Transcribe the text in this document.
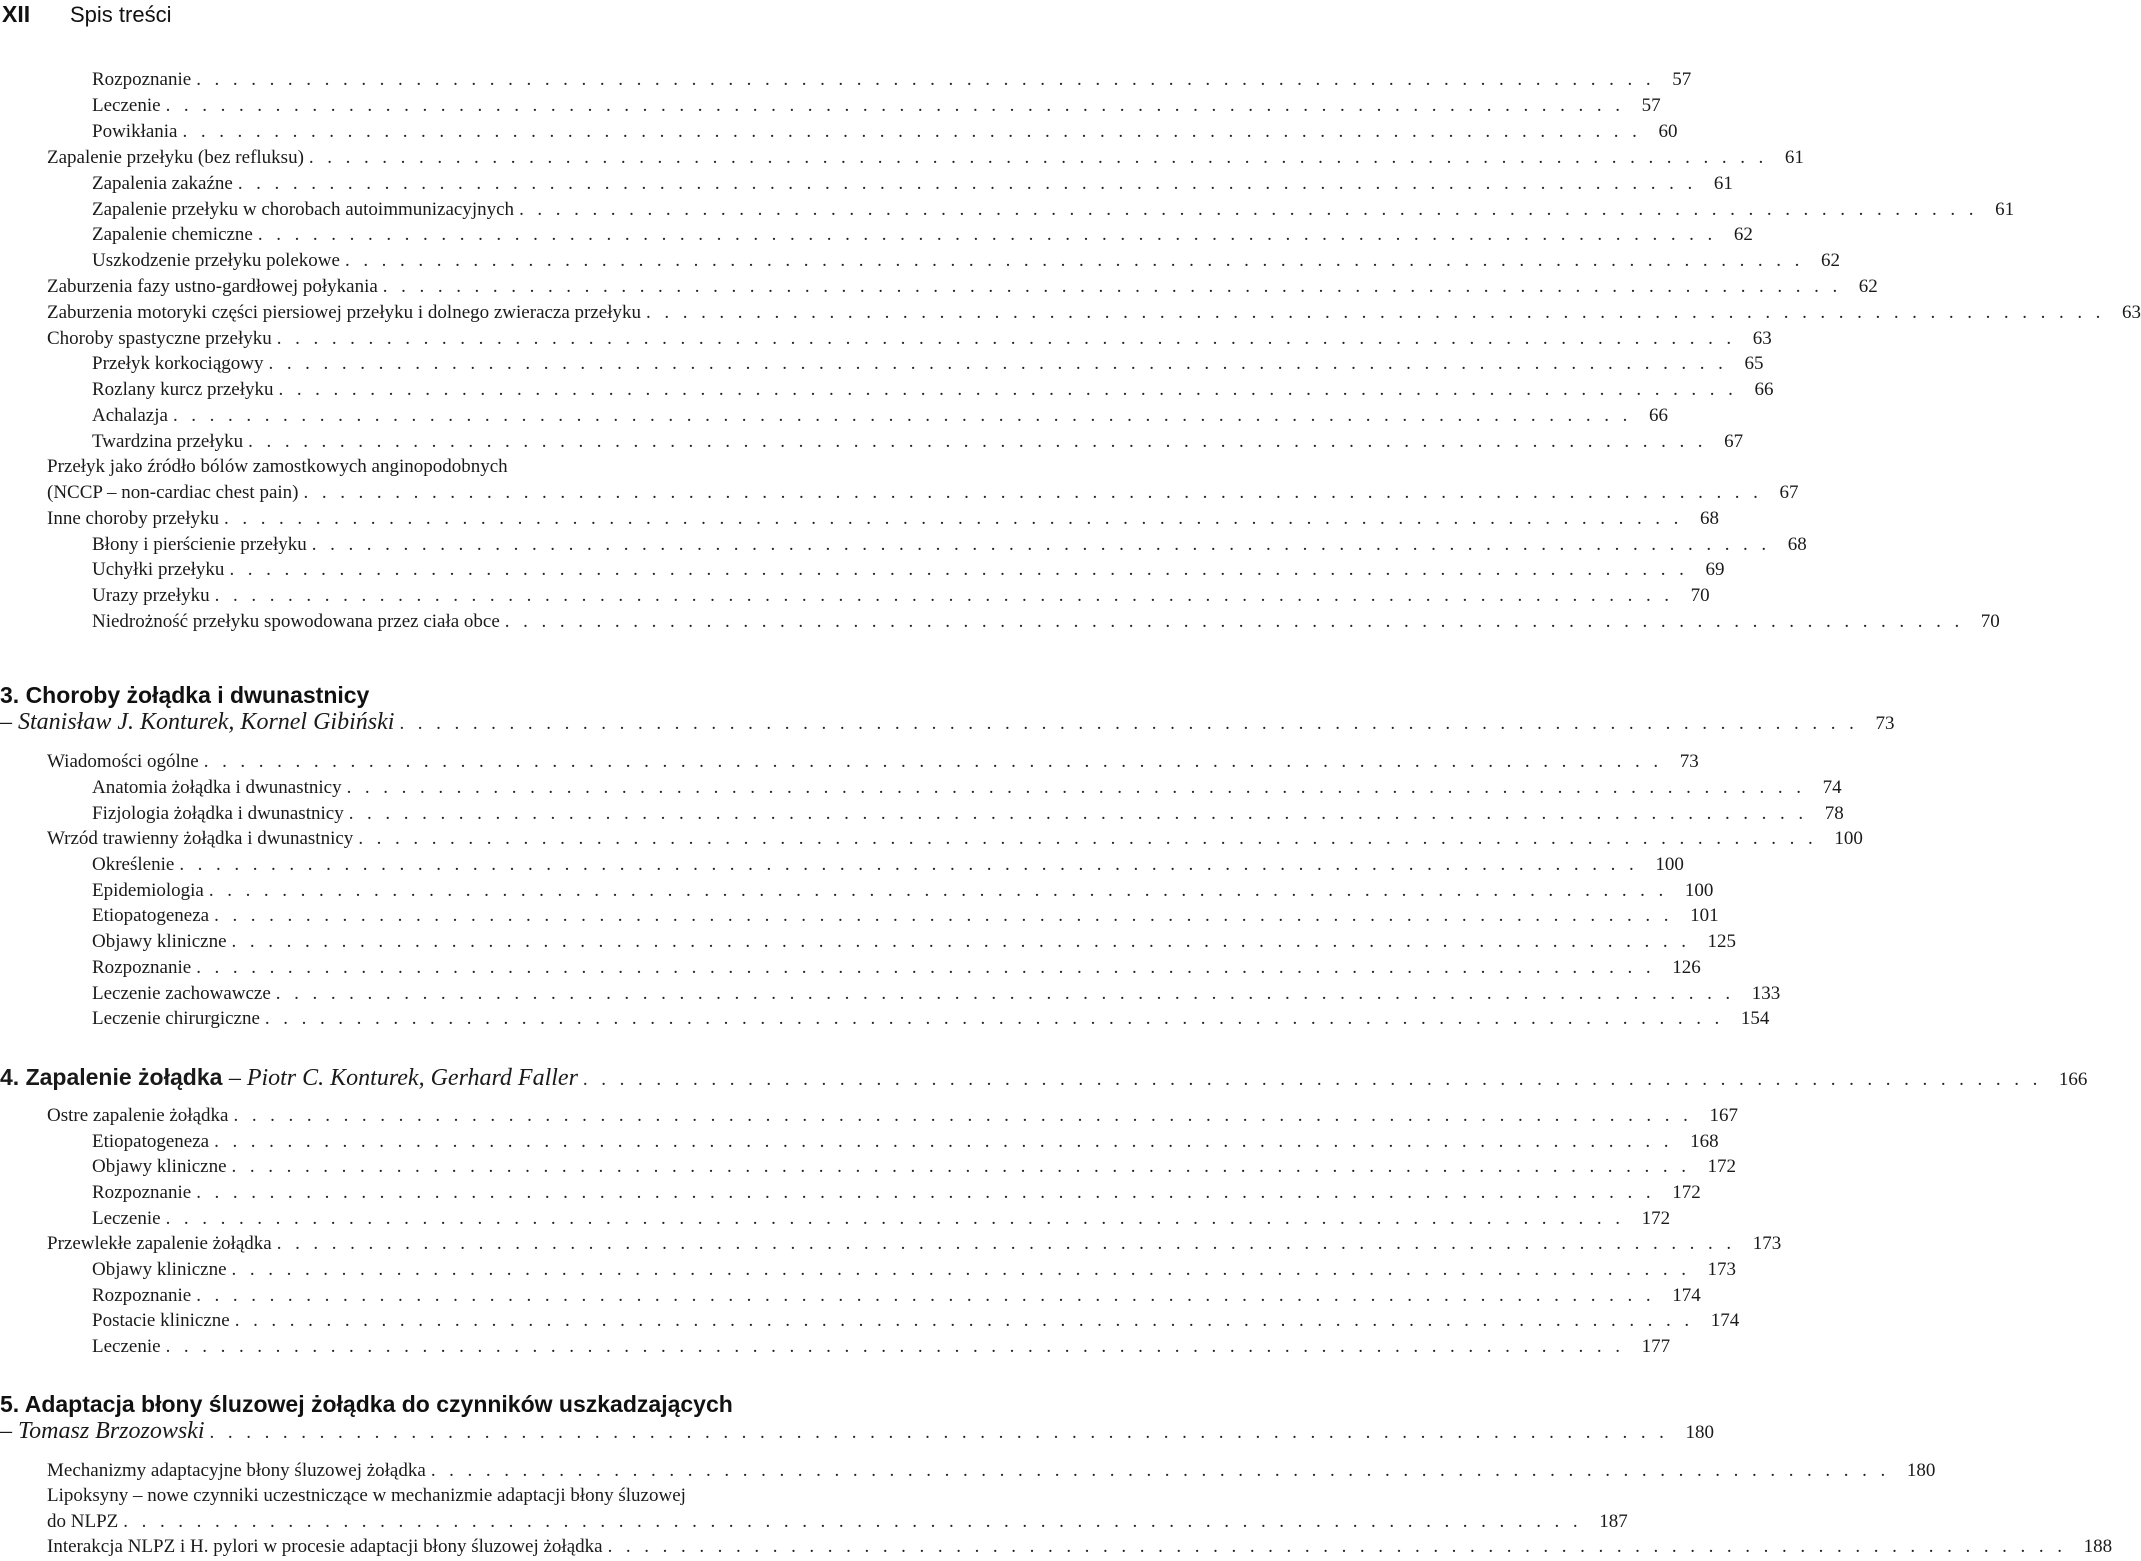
XII Spis treści
Rozpoznanie ................................................................................ 57
Leczenie ................................................................................ 57
Powikłania ................................................................................ 60
Zapalenie przełyku (bez refluksu) ................................................................................ 61
Zapalenia zakaźne ................................................................................ 61
Zapalenie przełyku w chorobach autoimmunizacyjnych ................................................................................ 61
Zapalenie chemiczne ................................................................................ 62
Uszkodzenie przełyku polekowe ................................................................................ 62
Zaburzenia fazy ustno-gardłowej połykania ................................................................................ 62
Zaburzenia motoryki części piersiowej przełyku i dolnego zwieracza przełyku ................................................................................ 63
Choroby spastyczne przełyku ................................................................................ 63
Przełyk korkociągowy ................................................................................ 65
Rozlany kurcz przełyku ................................................................................ 66
Achalazja ................................................................................ 66
Twardzina przełyku ................................................................................ 67
Przełyk jako źródło bólów zamostkowych anginopodobnych
(NCCP – non-cardiac chest pain) ................................................................................ 67
Inne choroby przełyku ................................................................................ 68
Błony i pierścienie przełyku ................................................................................ 68
Uchyłki przełyku ................................................................................ 69
Urazy przełyku ................................................................................ 70
Niedrożność przełyku spowodowana przez ciała obce ................................................................................ 70
3. Choroby żołądka i dwunastnicy
– Stanisław J. Konturek, Kornel Gibiński ................................................................................ 73
Wiadomości ogólne ................................................................................ 73
Anatomia żołądka i dwunastnicy ................................................................................ 74
Fizjologia żołądka i dwunastnicy ................................................................................ 78
Wrzód trawienny żołądka i dwunastnicy ................................................................................ 100
Określenie ................................................................................ 100
Epidemiologia ................................................................................ 100
Etiopatogeneza ................................................................................ 101
Objawy kliniczne ................................................................................ 125
Rozpoznanie ................................................................................ 126
Leczenie zachowawcze ................................................................................ 133
Leczenie chirurgiczne ................................................................................ 154
4. Zapalenie żołądka – Piotr C. Konturek, Gerhard Faller ................................................................................ 166
Ostre zapalenie żołądka ................................................................................ 167
Etiopatogeneza ................................................................................ 168
Objawy kliniczne ................................................................................ 172
Rozpoznanie ................................................................................ 172
Leczenie ................................................................................ 172
Przewlekłe zapalenie żołądka ................................................................................ 173
Objawy kliniczne ................................................................................ 173
Rozpoznanie ................................................................................ 174
Postacie kliniczne ................................................................................ 174
Leczenie ................................................................................ 177
5. Adaptacja błony śluzowej żołądka do czynników uszkadzających
– Tomasz Brzozowski ................................................................................ 180
Mechanizmy adaptacyjne błony śluzowej żołądka ................................................................................ 180
Lipoksyny – nowe czynniki uczestniczące w mechanizmie adaptacji błony śluzowej
do NLPZ ................................................................................ 187
Interakcja NLPZ i H. pylori w procesie adaptacji błony śluzowej żołądka ................................................................................ 188
